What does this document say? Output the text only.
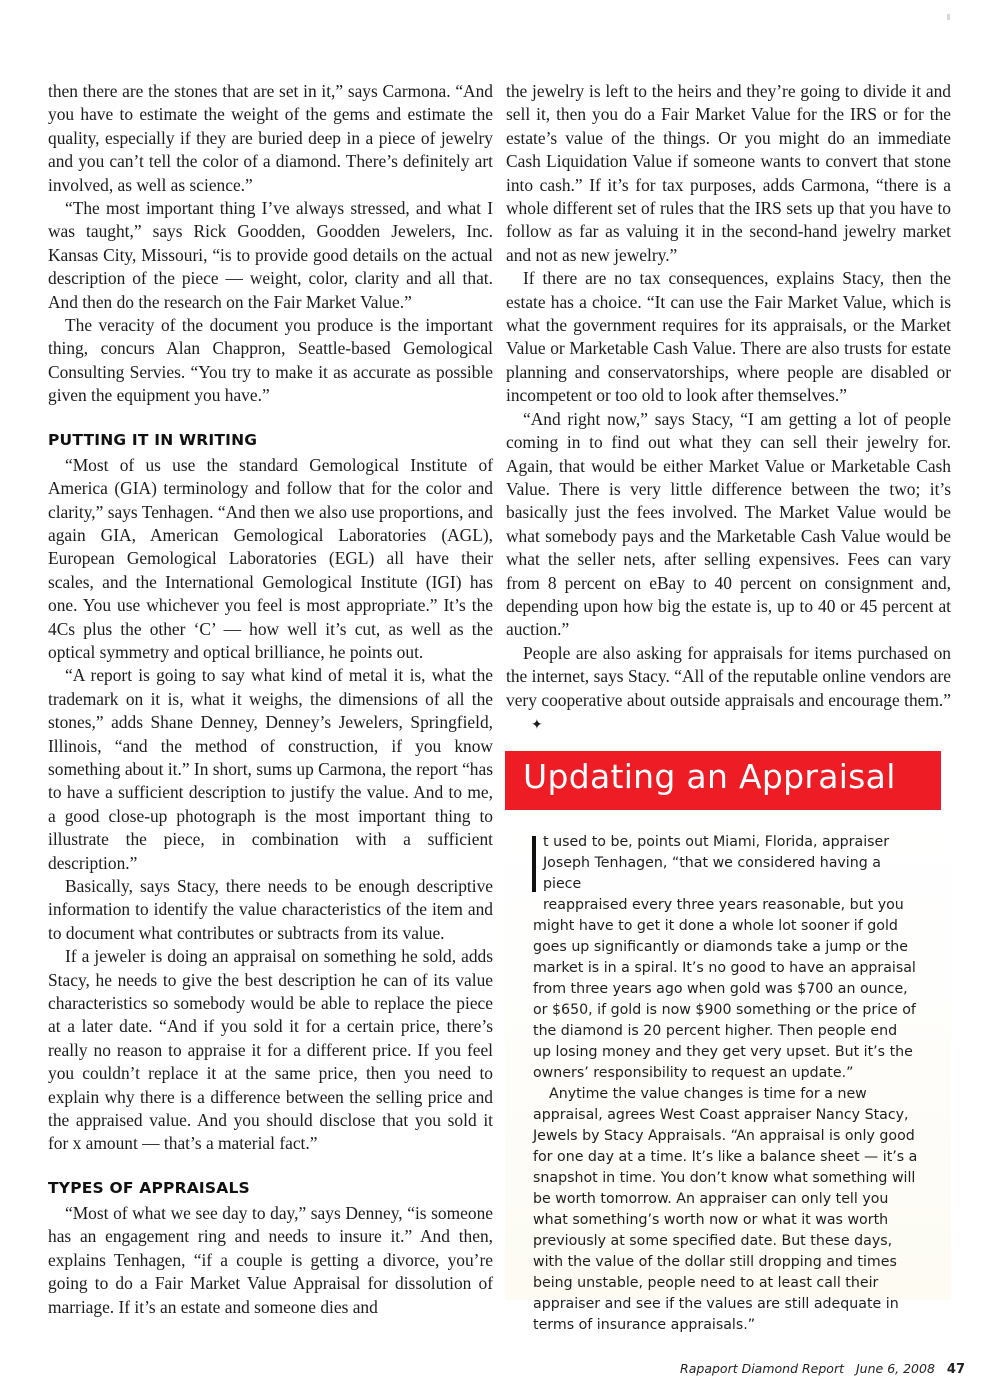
then there are the stones that are set in it,” says Carmona. “And you have to estimate the weight of the gems and estimate the quality, especially if they are buried deep in a piece of jewelry and you can’t tell the color of a diamond. There’s definitely art involved, as well as science.”

“The most important thing I’ve always stressed, and what I was taught,” says Rick Goodden, Goodden Jewelers, Inc. Kansas City, Missouri, “is to provide good details on the actual description of the piece — weight, color, clarity and all that. And then do the research on the Fair Market Value.”

The veracity of the document you produce is the important thing, concurs Alan Chappron, Seattle-based Gemological Consulting Servies. “You try to make it as accurate as possible given the equipment you have.”

PUTTING IT IN WRITING

“Most of us use the standard Gemological Institute of America (GIA) terminology and follow that for the color and clarity,” says Tenhagen. “And then we also use proportions, and again GIA, American Gemological Laboratories (AGL), European Gemological Laboratories (EGL) all have their scales, and the International Gemological Institute (IGI) has one. You use whichever you feel is most appropriate.” It’s the 4Cs plus the other ‘C’ — how well it’s cut, as well as the optical symmetry and optical brilliance, he points out.

“A report is going to say what kind of metal it is, what the trademark on it is, what it weighs, the dimensions of all the stones,” adds Shane Denney, Denney’s Jewelers, Springfield, Illinois, “and the method of construction, if you know something about it.” In short, sums up Carmona, the report “has to have a sufficient description to justify the value. And to me, a good close-up photograph is the most important thing to illustrate the piece, in combination with a sufficient description.”

Basically, says Stacy, there needs to be enough descriptive information to identify the value characteristics of the item and to document what contributes or subtracts from its value.

If a jeweler is doing an appraisal on something he sold, adds Stacy, he needs to give the best description he can of its value characteristics so somebody would be able to replace the piece at a later date. “And if you sold it for a certain price, there’s really no reason to appraise it for a different price. If you feel you couldn’t replace it at the same price, then you need to explain why there is a difference between the selling price and the appraised value. And you should disclose that you sold it for x amount — that’s a material fact.”

TYPES OF APPRAISALS

“Most of what we see day to day,” says Denney, “is someone has an engagement ring and needs to insure it.” And then, explains Tenhagen, “if a couple is getting a divorce, you’re going to do a Fair Market Value Appraisal for dissolution of marriage. If it’s an estate and someone dies and

the jewelry is left to the heirs and they’re going to divide it and sell it, then you do a Fair Market Value for the IRS or for the estate’s value of the things. Or you might do an immediate Cash Liquidation Value if someone wants to convert that stone into cash.” If it’s for tax purposes, adds Carmona, “there is a whole different set of rules that the IRS sets up that you have to follow as far as valuing it in the second-hand jewelry market and not as new jewelry.”

If there are no tax consequences, explains Stacy, then the estate has a choice. “It can use the Fair Market Value, which is what the government requires for its appraisals, or the Market Value or Marketable Cash Value. There are also trusts for estate planning and conservatorships, where people are disabled or incompetent or too old to look after themselves.”

“And right now,” says Stacy, “I am getting a lot of people coming in to find out what they can sell their jewelry for. Again, that would be either Market Value or Marketable Cash Value. There is very little difference between the two; it’s basically just the fees involved. The Market Value would be what somebody pays and the Marketable Cash Value would be what the seller nets, after selling expensives. Fees can vary from 8 percent on eBay to 40 percent on consignment and, depending upon how big the estate is, up to 40 or 45 percent at auction.”

People are also asking for appraisals for items purchased on the internet, says Stacy. “All of the reputable online vendors are very cooperative about outside appraisals and encourage them.”✦

Updating an Appraisal

t used to be, points out Miami, Florida, appraiser
Joseph Tenhagen, “that we considered having a piece
reappraised every three years reasonable, but you

might have to get it done a whole lot sooner if gold goes up significantly or diamonds take a jump or the market is in a spiral. It’s no good to have an appraisal from three years ago when gold was $700 an ounce, or $650, if gold is now $900 something or the price of the diamond is 20 percent higher. Then people end up losing money and they get very upset. But it’s the owners’ responsibility to request an update.”

Anytime the value changes is time for a new appraisal, agrees West Coast appraiser Nancy Stacy, Jewels by Stacy Appraisals. “An appraisal is only good for one day at a time. It’s like a balance sheet — it’s a snapshot in time. You don’t know what something will be worth tomorrow. An appraiser can only tell you what something’s worth now or what it was worth previously at some specified date. But these days, with the value of the dollar still dropping and times being unstable, people need to at least call their appraiser and see if the values are still adequate in terms of insurance appraisals.”

Rapaport Diamond Report June 6, 2008 47
